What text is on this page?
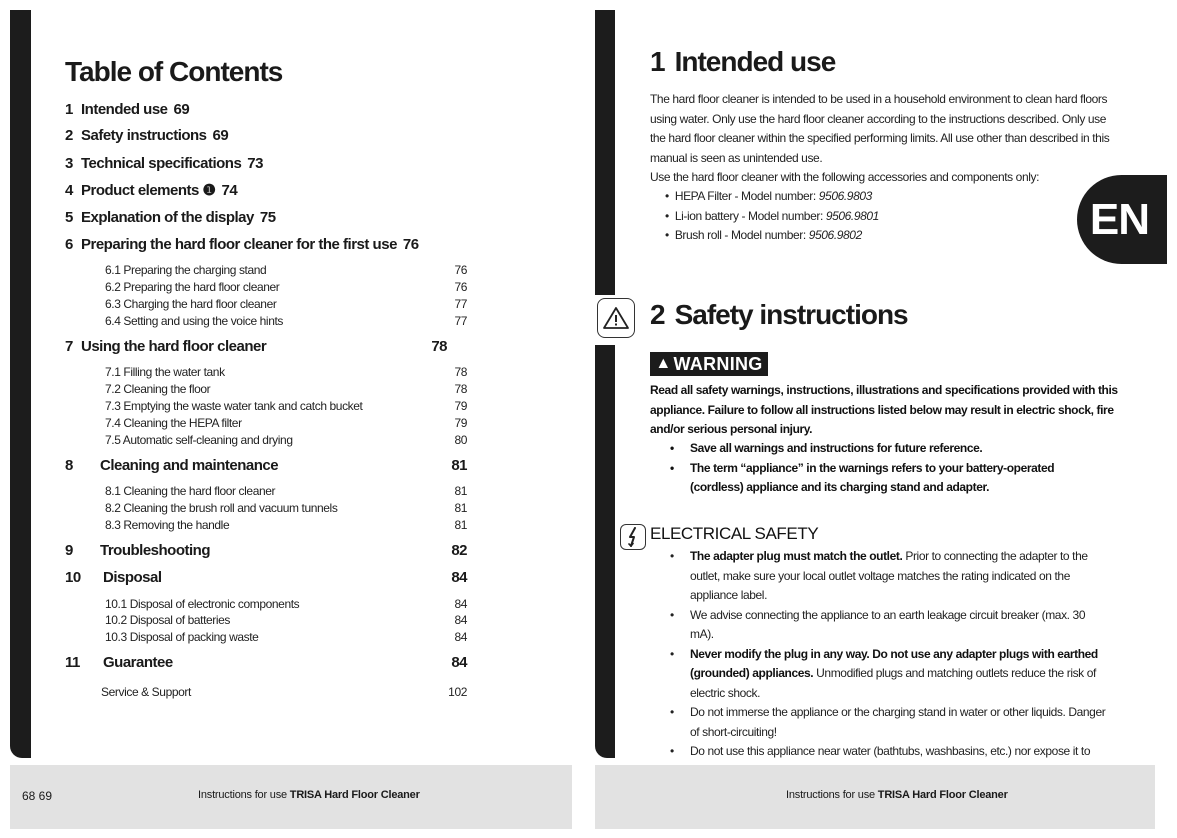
Table of Contents
1 Intended use 69
2 Safety instructions 69
3 Technical specifications 73
4 Product elements ❶ 74
5 Explanation of the display 75
6 Preparing the hard floor cleaner for the first use 76
6.1 Preparing the charging stand	76
6.2 Preparing the hard floor cleaner	76
6.3 Charging the hard floor cleaner	77
6.4 Setting and using the voice hints	77
7 Using the hard floor cleaner	78
7.1 Filling the water tank	78
7.2 Cleaning the floor	78
7.3 Emptying the waste water tank and catch bucket	79
7.4 Cleaning the HEPA filter	79
7.5 Automatic self-cleaning and drying	80
8 Cleaning and maintenance	81
8.1 Cleaning the hard floor cleaner	81
8.2 Cleaning the brush roll and vacuum tunnels	81
8.3 Removing the handle	81
9 Troubleshooting	82
10 Disposal	84
10.1 Disposal of electronic components	84
10.2 Disposal of batteries	84
10.3 Disposal of packing waste	84
11 Guarantee	84
Service & Support	102
68 69	Instructions for use TRISA Hard Floor Cleaner
1 Intended use
The hard floor cleaner is intended to be used in a household environment to clean hard floors using water. Only use the hard floor cleaner according to the instructions described. Only use the hard floor cleaner within the specified performing limits. All use other than described in this manual is seen as unintended use.
Use the hard floor cleaner with the following accessories and components only:
• HEPA Filter - Model number: 9506.9803
• Li-ion battery - Model number: 9506.9801
• Brush roll - Model number: 9506.9802	EN
2 Safety instructions
▲ WARNING
Read all safety warnings, instructions, illustrations and specifications provided with this appliance. Failure to follow all instructions listed below may result in electric shock, fire and/or serious personal injury.
• Save all warnings and instructions for future reference.
• The term “appliance” in the warnings refers to your battery-operated (cordless) appliance and its charging stand and adapter.
ELECTRICAL SAFETY
• The adapter plug must match the outlet. Prior to connecting the adapter to the outlet, make sure your local outlet voltage matches the rating indicated on the appliance label.
• We advise connecting the appliance to an earth leakage circuit breaker (max. 30 mA).
• Never modify the plug in any way. Do not use any adapter plugs with earthed (grounded) appliances. Unmodified plugs and matching outlets reduce the risk of electric shock.
• Do not immerse the appliance or the charging stand in water or other liquids. Danger of short-circuiting!
• Do not use this appliance near water (bathtubs, washbasins, etc.) nor expose it to
Instructions for use TRISA Hard Floor Cleaner
